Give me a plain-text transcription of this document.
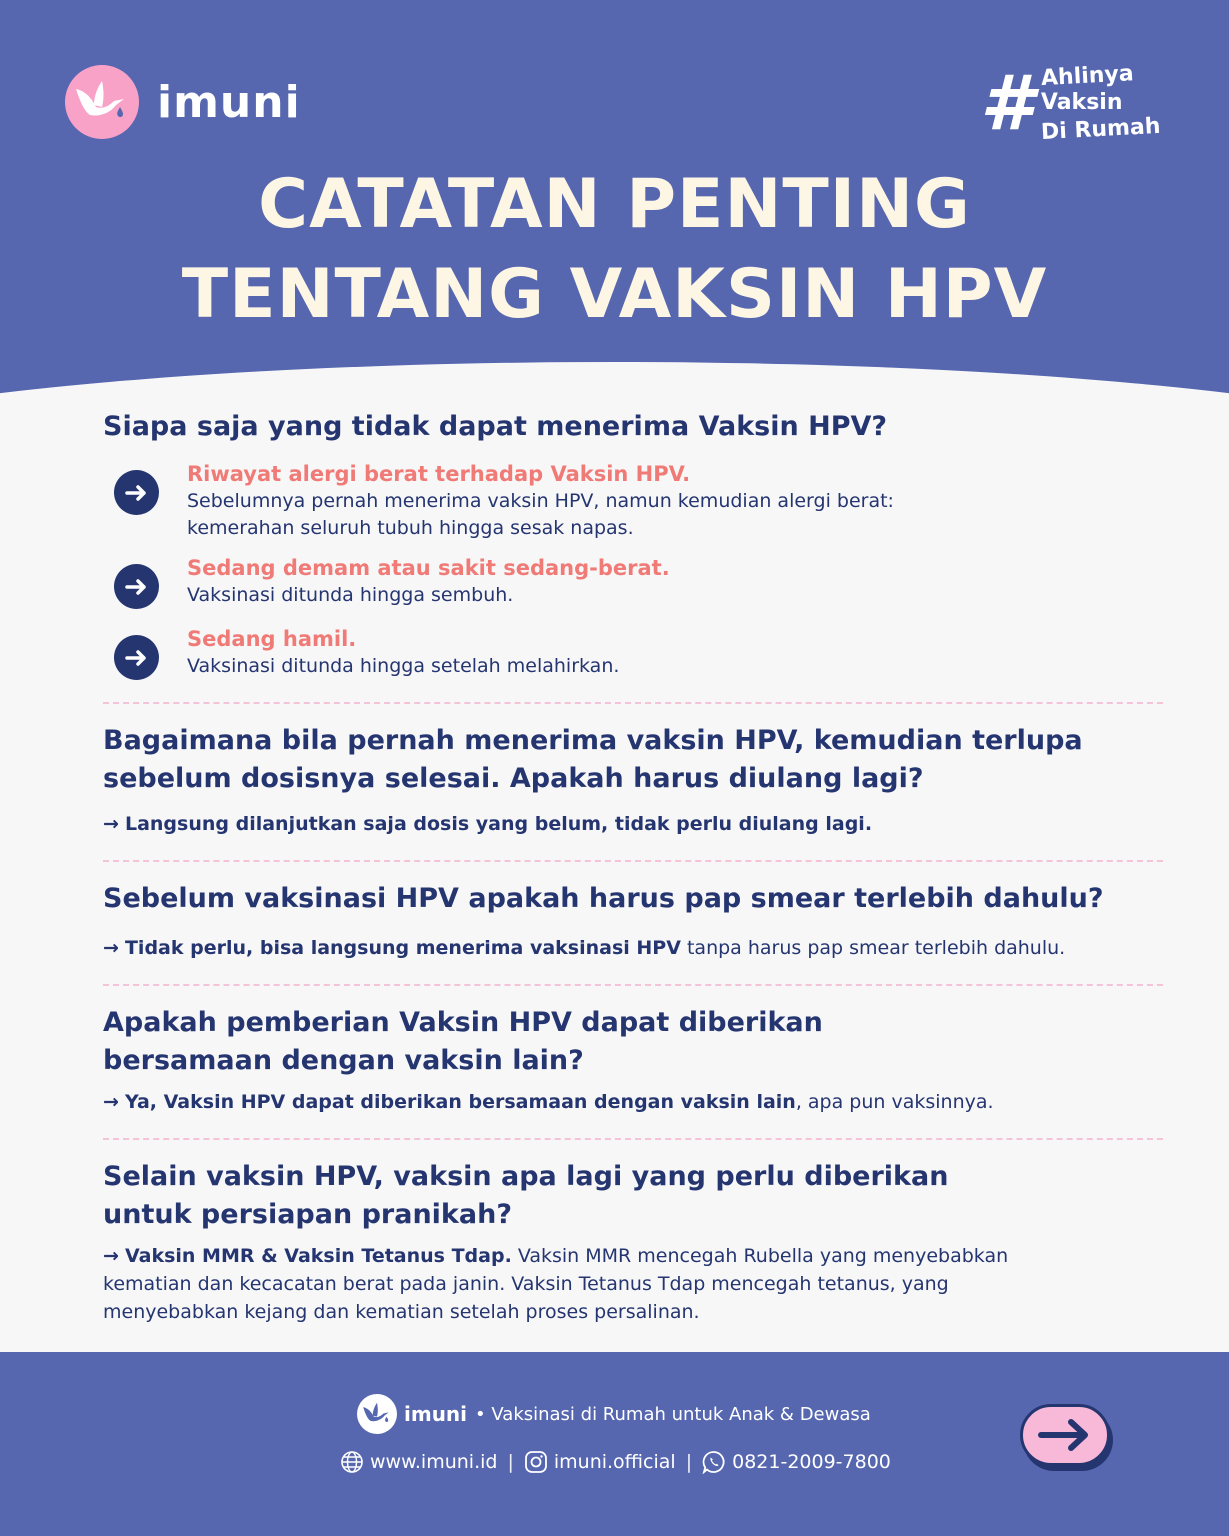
imuni	# Ahlinya
Vaksin
Di Rumah
CATATAN PENTING
TENTANG VAKSIN HPV
Siapa saja yang tidak dapat menerima Vaksin HPV?
Riwayat alergi berat terhadap Vaksin HPV.
Sebelumnya pernah menerima vaksin HPV, namun kemudian alergi berat:
kemerahan seluruh tubuh hingga sesak napas.
Sedang demam atau sakit sedang-berat.
Vaksinasi ditunda hingga sembuh.
Sedang hamil.
Vaksinasi ditunda hingga setelah melahirkan.
Bagaimana bila pernah menerima vaksin HPV, kemudian terlupa
sebelum dosisnya selesai. Apakah harus diulang lagi?
→ Langsung dilanjutkan saja dosis yang belum, tidak perlu diulang lagi.
Sebelum vaksinasi HPV apakah harus pap smear terlebih dahulu?
→ Tidak perlu, bisa langsung menerima vaksinasi HPV tanpa harus pap smear terlebih dahulu.
Apakah pemberian Vaksin HPV dapat diberikan
bersamaan dengan vaksin lain?
→ Ya, Vaksin HPV dapat diberikan bersamaan dengan vaksin lain, apa pun vaksinnya.
Selain vaksin HPV, vaksin apa lagi yang perlu diberikan
untuk persiapan pranikah?
→ Vaksin MMR & Vaksin Tetanus Tdap. Vaksin MMR mencegah Rubella yang menyebabkan
kematian dan kecacatan berat pada janin. Vaksin Tetanus Tdap mencegah tetanus, yang
menyebabkan kejang dan kematian setelah proses persalinan.
imuni • Vaksinasi di Rumah untuk Anak & Dewasa
www.imuni.id | imuni.official | 0821-2009-7800
